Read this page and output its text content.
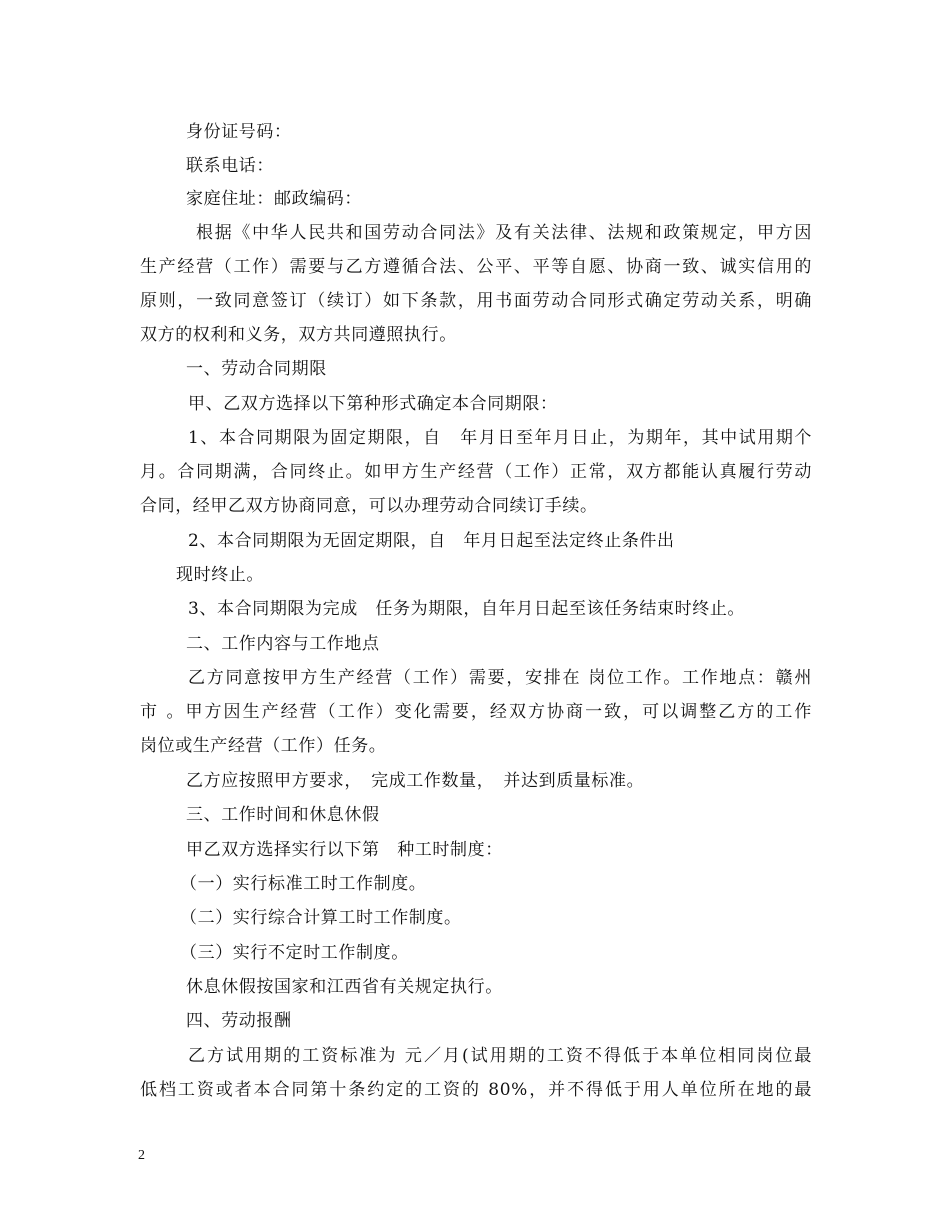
身份证号码：
联系电话：
家庭住址：邮政编码：
根据《中华人民共和国劳动合同法》及有关法律、法规和政策规定，甲方因
生产经营（工作）需要与乙方遵循合法、公平、平等自愿、协商一致、诚实信用的
原则，一致同意签订（续订）如下条款，用书面劳动合同形式确定劳动关系，明确
双方的权利和义务，双方共同遵照执行。
一、劳动合同期限
甲、乙双方选择以下第种形式确定本合同期限：
1、本合同期限为固定期限，自　年月日至年月日止，为期年，其中试用期个
月。合同期满，合同终止。如甲方生产经营（工作）正常，双方都能认真履行劳动
合同，经甲乙双方协商同意，可以办理劳动合同续订手续。
2、本合同期限为无固定期限，自　年月日起至法定终止条件出
现时终止。
3、本合同期限为完成　任务为期限，自年月日起至该任务结束时终止。
二、工作内容与工作地点
乙方同意按甲方生产经营（工作）需要，安排在 岗位工作。工作地点：赣州
市 。甲方因生产经营（工作）变化需要，经双方协商一致，可以调整乙方的工作
岗位或生产经营（工作）任务。
乙方应按照甲方要求，　完成工作数量，　并达到质量标准。
三、工作时间和休息休假
甲乙双方选择实行以下第　种工时制度：
（一）实行标准工时工作制度。
（二）实行综合计算工时工作制度。
（三）实行不定时工作制度。
休息休假按国家和江西省有关规定执行。
四、劳动报酬
乙方试用期的工资标准为 元／月(试用期的工资不得低于本单位相同岗位最
低档工资或者本合同第十条约定的工资的 80%，并不得低于用人单位所在地的最
2
